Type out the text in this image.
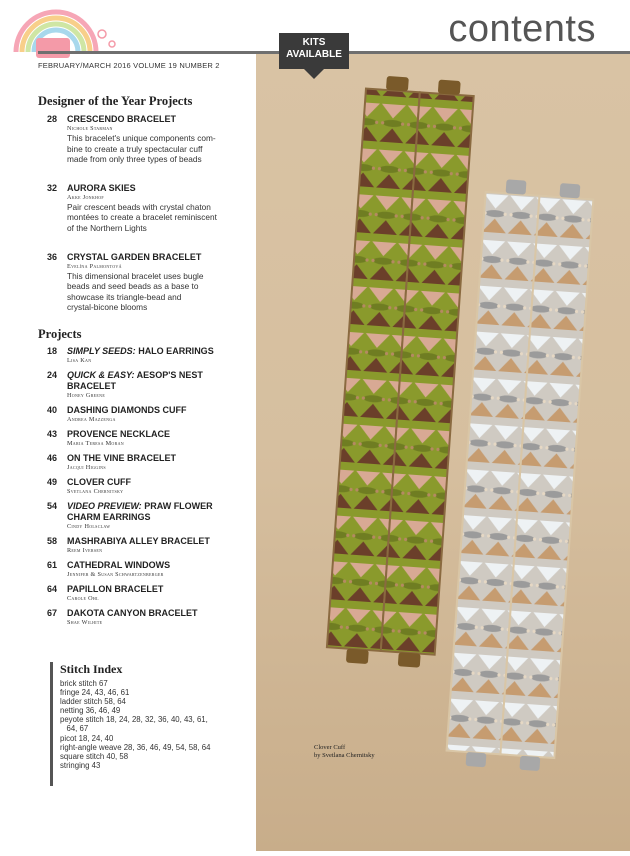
contents
FEBRUARY/MARCH 2016 VOLUME 19 NUMBER 2
KITS
AVAILABLE
Clover Cuff
by Svetlana Chernitsky
Designer of the Year Projects
28 CRESCENDO BRACELET
Nichole Starman
This bracelet's unique components com-
bine to create a truly spectacular cuff
made from only three types of beads
32 AURORA SKIES
Akke Jonkhof
Pair crescent beads with crystal chaton
montées to create a bracelet reminiscent
of the Northern Lights
36 CRYSTAL GARDEN BRACELET
Evelína Palmontová
This dimensional bracelet uses bugle
beads and seed beads as a base to
showcase its triangle-bead and
crystal-bicone blooms
Projects
18 SIMPLY SEEDS: HALO EARRINGS
Lisa Kan
24 QUICK & EASY: AESOP'S NEST BRACELET
Honey Greene
40 DASHING DIAMONDS CUFF
Andrea Mazzenga
43 PROVENCE NECKLACE
Maria Teresa Moran
46 ON THE VINE BRACELET
Jacqui Higgins
49 CLOVER CUFF
Svetlana Chernitsky
54 VIDEO PREVIEW: PRAW FLOWER CHARM EARRINGS
Cindy Holsclaw
58 MASHRABIYA ALLEY BRACELET
Reem Iversen
61 CATHEDRAL WINDOWS
Jennifer & Susan Schwartzenberger
64 PAPILLON BRACELET
Carole Ohl
67 DAKOTA CANYON BRACELET
Shae Wilhite
Stitch Index
brick stitch 67
fringe 24, 43, 46, 61
ladder stitch 58, 64
netting 36, 46, 49
peyote stitch 18, 24, 28, 32, 36, 40, 43, 61,
64, 67
picot 18, 24, 40
right-angle weave 28, 36, 46, 49, 54, 58, 64
square stitch 40, 58
stringing 43
